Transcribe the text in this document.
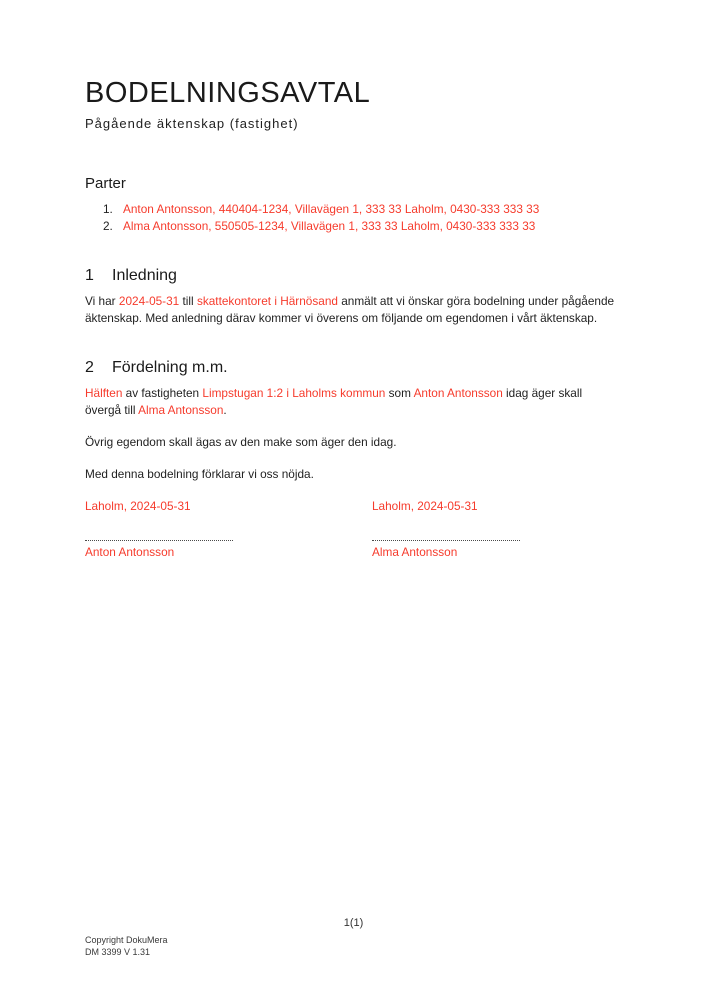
BODELNINGSAVTAL
Pågående äktenskap (fastighet)
Parter
1. Anton Antonsson, 440404-1234, Villavägen 1, 333 33 Laholm, 0430-333 333 33
2. Alma Antonsson, 550505-1234, Villavägen 1, 333 33 Laholm, 0430-333 333 33
1 Inledning

Vi har 2024-05-31 till skattekontoret i Härnösand anmält att vi önskar göra bodelning under pågående äktenskap. Med anledning därav kommer vi överens om följande om egendomen i vårt äktenskap.

2 Fördelning m.m.

Hälften av fastigheten Limpstugan 1:2 i Laholms kommun som Anton Antonsson idag äger skall övergå till Alma Antonsson.

Övrig egendom skall ägas av den make som äger den idag.

Med denna bodelning förklarar vi oss nöjda.

Laholm, 2024-05-31
Anton Antonsson
Laholm, 2024-05-31
Alma Antonsson
1(1)
Copyright DokuMera
DM 3399 V 1.31
